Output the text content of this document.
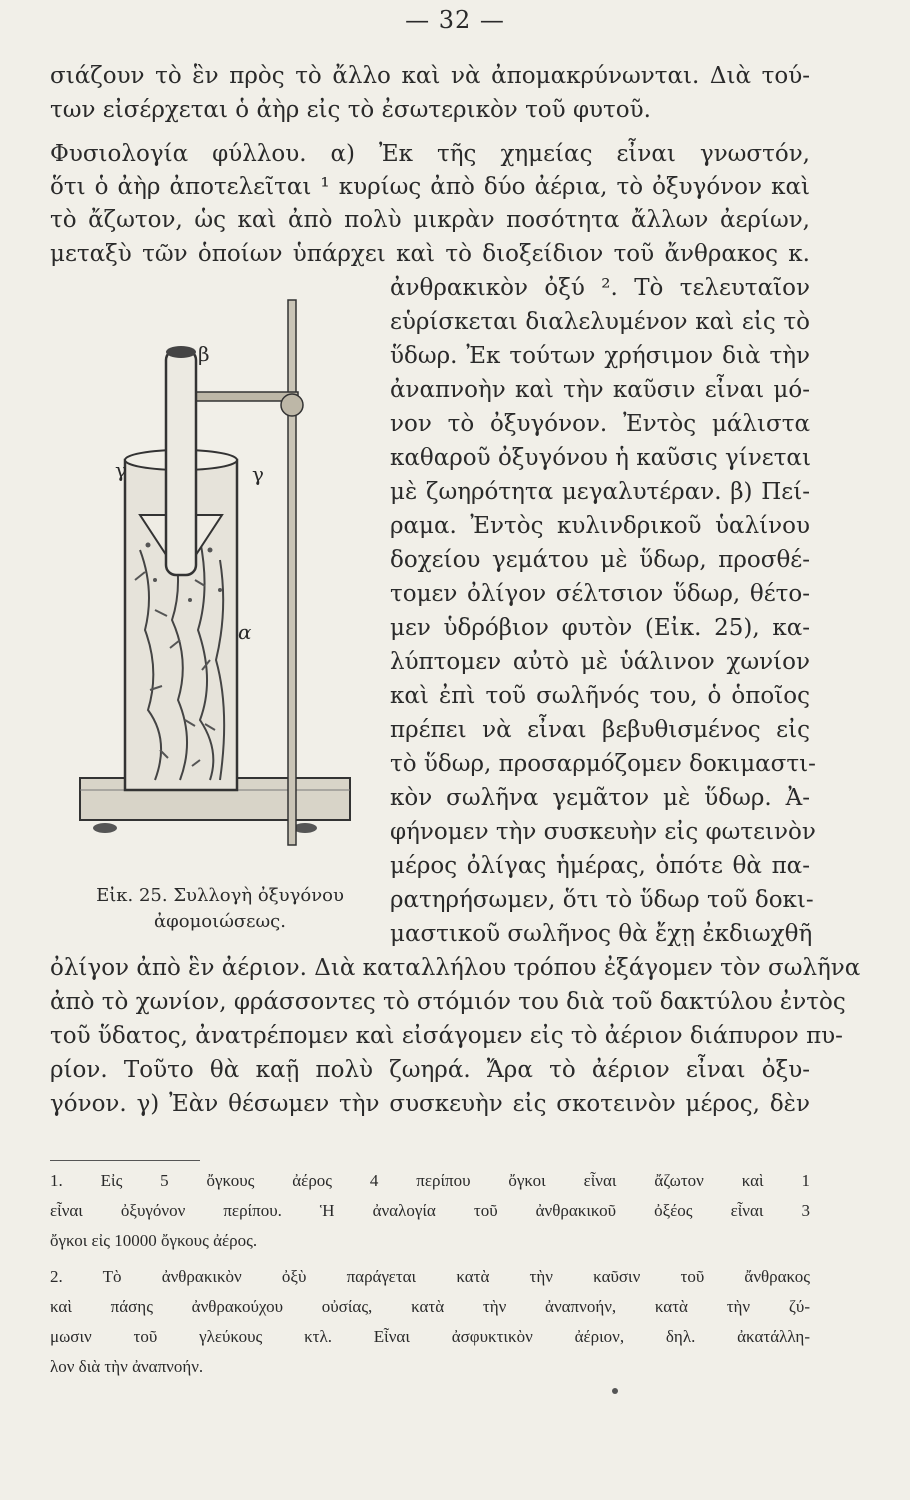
— 32 —
σιάζουν τὸ ἓν πρὸς τὸ ἄλλο καὶ νὰ ἀπομακρύνωνται. Διὰ τού-
των εἰσέρχεται ὁ ἀὴρ εἰς τὸ ἐσωτερικὸν τοῦ φυτοῦ.
Φυσιολογία φύλλου. α) Ἐκ τῆς χημείας εἶναι γνωστόν,
ὅτι ὁ ἀὴρ ἀποτελεῖται ¹ κυρίως ἀπὸ δύο ἀέρια, τὸ ὀξυγόνον καὶ
τὸ ἄζωτον, ὡς καὶ ἀπὸ πολὺ μικρὰν ποσότητα ἄλλων ἀερίων,
μεταξὺ τῶν ὁποίων ὑπάρχει καὶ τὸ διοξείδιον τοῦ ἄνθρακος κ.
ἀνθρακικὸν ὀξύ ². Τὸ τελευταῖον
εὑρίσκεται διαλελυμένον καὶ εἰς τὸ
ὕδωρ. Ἐκ τούτων χρήσιμον διὰ τὴν
ἀναπνοὴν καὶ τὴν καῦσιν εἶναι μό-
νον τὸ ὀξυγόνον. Ἐντὸς μάλιστα
καθαροῦ ὀξυγόνου ἡ καῦσις γίνεται
μὲ ζωηρότητα μεγαλυτέραν. β) Πεί-
ραμα. Ἐντὸς κυλινδρικοῦ ὑαλίνου
δοχείου γεμάτου μὲ ὕδωρ, προσθέ-
τομεν ὀλίγον σέλτσιον ὕδωρ, θέτο-
μεν ὑδρόβιον φυτὸν (Εἰκ. 25), κα-
λύπτομεν αὐτὸ μὲ ὑάλινον χωνίον
καὶ ἐπὶ τοῦ σωλῆνός του, ὁ ὁποῖος
πρέπει νὰ εἶναι βεβυθισμένος εἰς
τὸ ὕδωρ, προσαρμόζομεν δοκιμαστι-
κὸν σωλῆνα γεμᾶτον μὲ ὕδωρ. Ἀ-
φήνομεν τὴν συσκευὴν εἰς φωτεινὸν
μέρος ὀλίγας ἡμέρας, ὁπότε θὰ πα-
ρατηρήσωμεν, ὅτι τὸ ὕδωρ τοῦ δοκι-
μαστικοῦ σωλῆνος θὰ ἔχῃ ἐκδιωχθῆ
ὀλίγον ἀπὸ ἓν ἀέριον. Διὰ καταλλήλου τρόπου ἐξάγομεν τὸν σωλῆνα
ἀπὸ τὸ χωνίον, φράσσοντες τὸ στόμιόν του διὰ τοῦ δακτύλου ἐντὸς
τοῦ ὕδατος, ἀνατρέπομεν καὶ εἰσάγομεν εἰς τὸ ἀέριον διάπυρον πυ-
ρίον. Τοῦτο θὰ καῇ πολὺ ζωηρά. Ἄρα τὸ ἀέριον εἶναι ὀξυ-
γόνον. γ) Ἐὰν θέσωμεν τὴν συσκευὴν εἰς σκοτεινὸν μέρος, δὲν
β
γ	γ
α
Εἰκ. 25. Συλλογὴ ὀξυγόνου
ἀφομοιώσεως.
1. Εἰς 5 ὄγκους ἀέρος 4 περίπου ὄγκοι εἶναι ἄζωτον καὶ 1
εἶναι ὀξυγόνον περίπου. Ἡ ἀναλογία τοῦ ἀνθρακικοῦ ὀξέος εἶναι 3
ὄγκοι εἰς 10000 ὄγκους ἀέρος.
2. Τὸ ἀνθρακικὸν ὀξὺ παράγεται κατὰ τὴν καῦσιν τοῦ ἄνθρακος
καὶ πάσης ἀνθρακούχου οὐσίας, κατὰ τὴν ἀναπνοήν, κατὰ τὴν ζύ-
μωσιν τοῦ γλεύκους κτλ. Εἶναι ἀσφυκτικὸν ἀέριον, δηλ. ἀκατάλλη-
λον διὰ τὴν ἀναπνοήν.
